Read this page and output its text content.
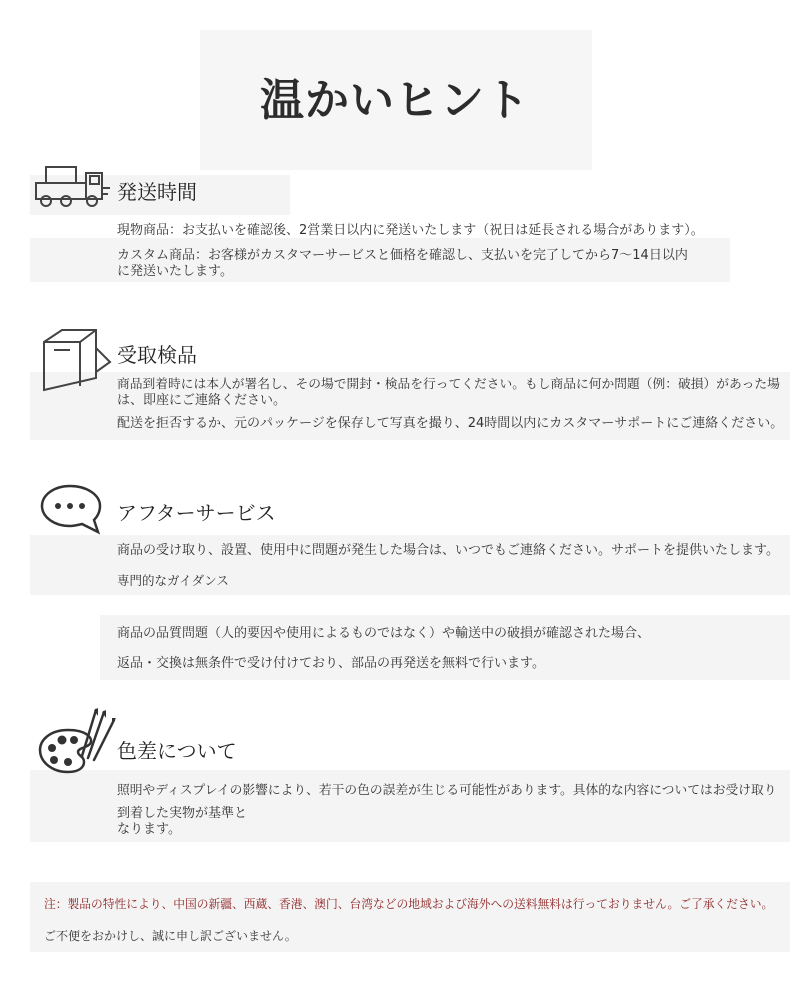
温かいヒント
発送時間
現物商品：お支払いを確認後、2営業日以内に発送いたします（祝日は延長される場合があります）。
カスタム商品：お客様がカスタマーサービスと価格を確認し、支払いを完了してから7～14日以内
に発送いたします。
受取検品
商品到着時には本人が署名し、その場で開封・検品を行ってください。もし商品に何か問題（例：破損）があった場
は、即座にご連絡ください。
配送を拒否するか、元のパッケージを保存して写真を撮り、24時間以内にカスタマーサポートにご連絡ください。
アフターサービス
商品の受け取り、設置、使用中に問題が発生した場合は、いつでもご連絡ください。サポートを提供いたします。
専門的なガイダンス
商品の品質問題（人的要因や使用によるものではなく）や輸送中の破損が確認された場合、
返品・交換は無条件で受け付けており、部品の再発送を無料で行います。
色差について
照明やディスプレイの影響により、若干の色の誤差が生じる可能性があります。具体的な内容についてはお受け取り
到着した実物が基準と
なります。
注：製品の特性により、中国の新疆、西蔵、香港、澳门、台湾などの地域および海外への送料無料は行っておりません。ご了承ください。
ご不便をおかけし、誠に申し訳ございません。
